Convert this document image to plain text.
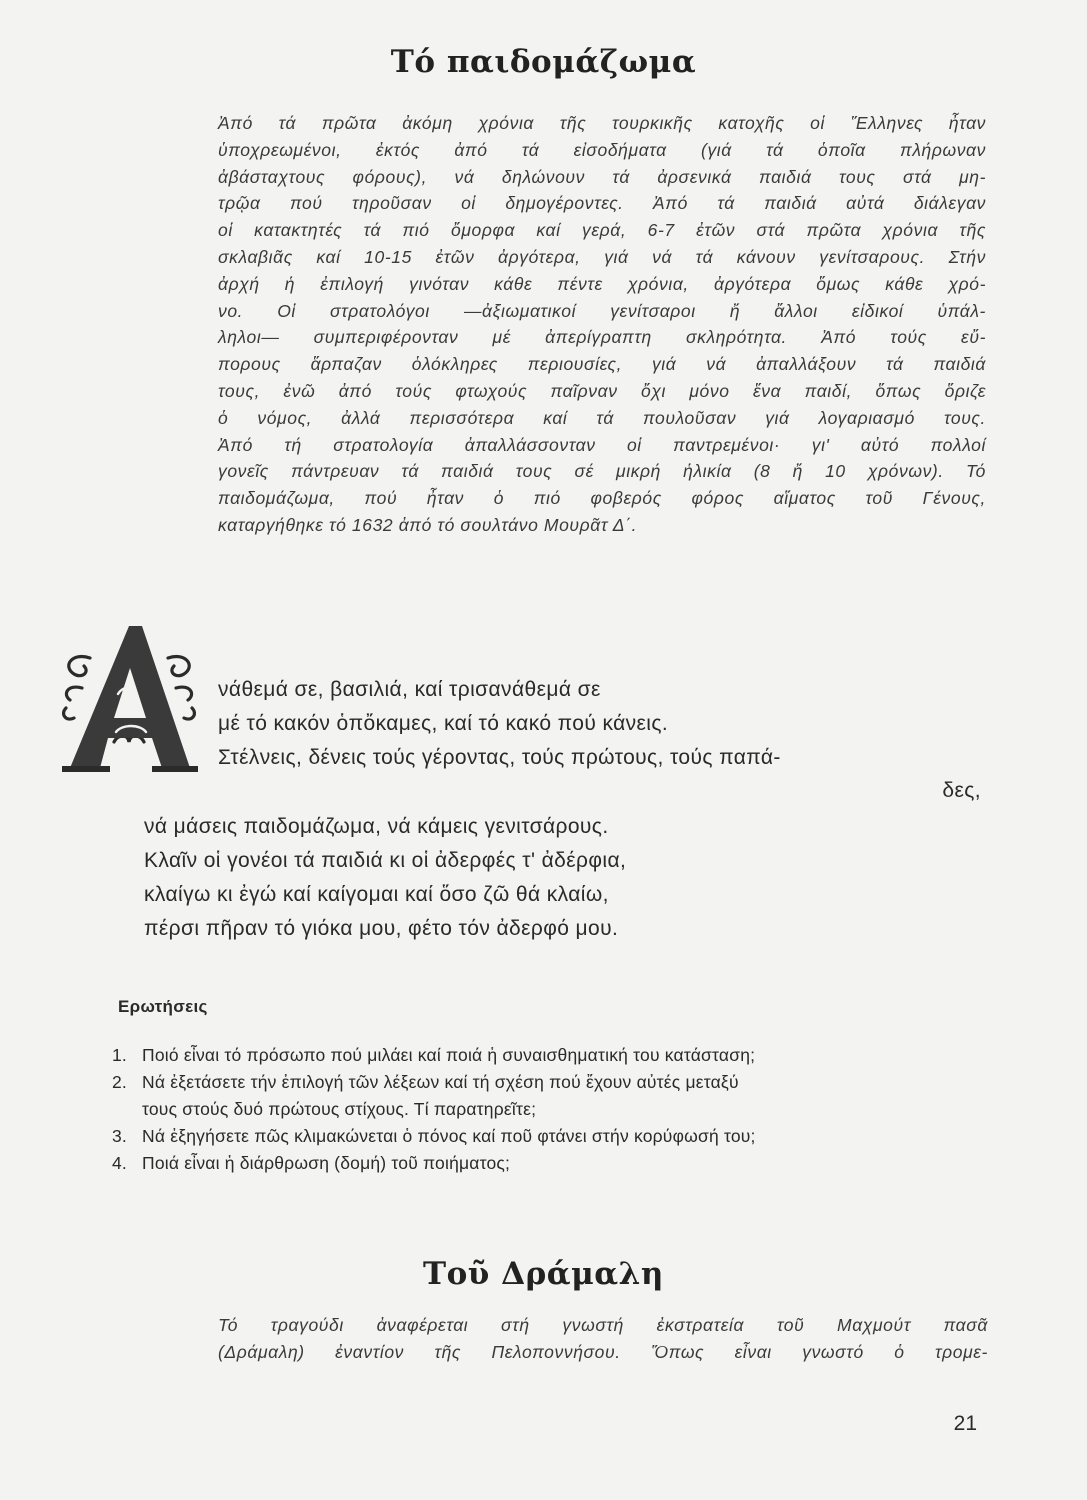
Τό παιδομάζωμα
Ἀπό τά πρῶτα ἀκόμη χρόνια τῆς τουρκικῆς κατοχῆς οἱ Ἕλληνες ἦταν
ὑποχρεωμένοι, ἐκτός ἀπό τά εἰσοδήματα (γιά τά ὁποῖα πλήρωναν
ἀβάσταχτους φόρους), νά δηλώνουν τά ἀρσενικά παιδιά τους στά μη-
τρῷα πού τηροῦσαν οἱ δημογέροντες. Ἀπό τά παιδιά αὐτά διάλεγαν
οἱ κατακτητές τά πιό ὄμορφα καί γερά, 6-7 ἐτῶν στά πρῶτα χρόνια τῆς
σκλαβιᾶς καί 10-15 ἐτῶν ἀργότερα, γιά νά τά κάνουν γενίτσαρους. Στήν
ἀρχή ἡ ἐπιλογή γινόταν κάθε πέντε χρόνια, ἀργότερα ὅμως κάθε χρό-
νο. Οἱ στρατολόγοι —ἀξιωματικοί γενίτσαροι ἤ ἄλλοι εἰδικοί ὑπάλ-
ληλοι— συμπεριφέρονταν μέ ἀπερίγραπτη σκληρότητα. Ἀπό τούς εὔ-
πορους ἅρπαζαν ὁλόκληρες περιουσίες, γιά νά ἀπαλλάξουν τά παιδιά
τους, ἐνῶ ἀπό τούς φτωχούς παῖρναν ὄχι μόνο ἕνα παιδί, ὅπως ὅριζε
ὁ νόμος, ἀλλά περισσότερα καί τά πουλοῦσαν γιά λογαριασμό τους.
Ἀπό τή στρατολογία ἀπαλλάσσονταν οἱ παντρεμένοι· γι' αὐτό πολλοί
γονεῖς πάντρευαν τά παιδιά τους σέ μικρή ἡλικία (8 ἤ 10 χρόνων). Τό
παιδομάζωμα, πού ἦταν ὁ πιό φοβερός φόρος αἵματος τοῦ Γένους,
καταργήθηκε τό 1632 ἀπό τό σουλτάνο Μουρᾶτ Δ΄.
νάθεμά σε, βασιλιά, καί τρισανάθεμά σε
μέ τό κακόν ὁπὄκαμες, καί τό κακό πού κάνεις.
Στέλνεις, δένεις τούς γέροντας, τούς πρώτους, τούς παπά-
δες,
νά μάσεις παιδομάζωμα, νά κάμεις γενιτσάρους.
Κλαῖν οἱ γονέοι τά παιδιά κι οἱ ἀδερφές τ' ἀδέρφια,
κλαίγω κι ἐγώ καί καίγομαι καί ὅσο ζῶ θά κλαίω,
πέρσι πῆραν τό γιόκα μου, φέτο τόν ἀδερφό μου.
Ερωτήσεις
1. Ποιό εἶναι τό πρόσωπο πού μιλάει καί ποιά ἡ συναισθηματική του κατάσταση;
2. Νά ἐξετάσετε τήν ἐπιλογή τῶν λέξεων καί τή σχέση πού ἔχουν αὐτές μεταξύ
τους στούς δυό πρώτους στίχους. Τί παρατηρεῖτε;
3. Νά ἐξηγήσετε πῶς κλιμακώνεται ὁ πόνος καί ποῦ φτάνει στήν κορύφωσή του;
4. Ποιά εἶναι ἡ διάρθρωση (δομή) τοῦ ποιήματος;
Τοῦ Δράμαλη
Τό τραγούδι ἀναφέρεται στή γνωστή ἐκστρατεία τοῦ Μαχμούτ πασᾶ
(Δράμαλη) ἐναντίον τῆς Πελοποννήσου. Ὅπως εἶναι γνωστό ὁ τρομε-
21
